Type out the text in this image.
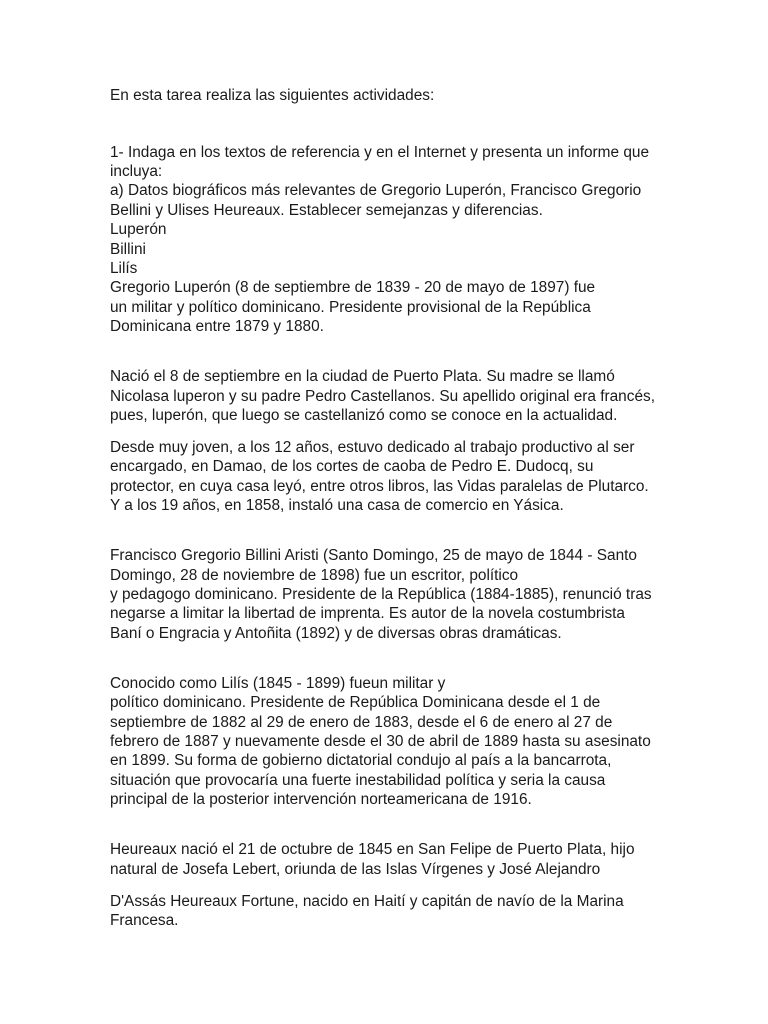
En esta tarea realiza las siguientes actividades:
1- Indaga en los textos de referencia y en el Internet y presenta un informe que
incluya:
a) Datos biográficos más relevantes de Gregorio Luperón, Francisco Gregorio
Bellini y Ulises Heureaux. Establecer semejanzas y diferencias.
Luperón
Billini
Lilís
Gregorio Luperón (8 de septiembre de 1839 - 20 de mayo de 1897) fue
un militar y político dominicano. Presidente provisional de la República
Dominicana entre 1879 y 1880.
Nació el 8 de septiembre en la ciudad de Puerto Plata. Su madre se llamó
Nicolasa luperon y su padre Pedro Castellanos. Su apellido original era francés,
pues, luperón, que luego se castellanizó como se conoce en la actualidad.
Desde muy joven, a los 12 años, estuvo dedicado al trabajo productivo al ser
encargado, en Damao, de los cortes de caoba de Pedro E. Dudocq, su
protector, en cuya casa leyó, entre otros libros, las Vidas paralelas de Plutarco.
Y a los 19 años, en 1858, instaló una casa de comercio en Yásica.
Francisco Gregorio Billini Aristi (Santo Domingo, 25 de mayo de 1844 - Santo
Domingo, 28 de noviembre de 1898) fue un escritor, político
y pedagogo dominicano. Presidente de la República (1884-1885), renunció tras
negarse a limitar la libertad de imprenta. Es autor de la novela costumbrista
Baní o Engracia y Antoñita (1892) y de diversas obras dramáticas.
Conocido como Lilís (1845 - 1899) fueun militar y
político dominicano. Presidente de República Dominicana desde el 1 de
septiembre de 1882 al 29 de enero de 1883, desde el 6 de enero al 27 de
febrero de 1887 y nuevamente desde el 30 de abril de 1889 hasta su asesinato
en 1899. Su forma de gobierno dictatorial condujo al país a la bancarrota,
situación que provocaría una fuerte inestabilidad política y seria la causa
principal de la posterior intervención norteamericana de 1916.
Heureaux nació el 21 de octubre de 1845 en San Felipe de Puerto Plata, hijo
natural de Josefa Lebert, oriunda de las Islas Vírgenes y José Alejandro
D'Assás Heureaux Fortune, nacido en Haití y capitán de navío de la Marina
Francesa.
